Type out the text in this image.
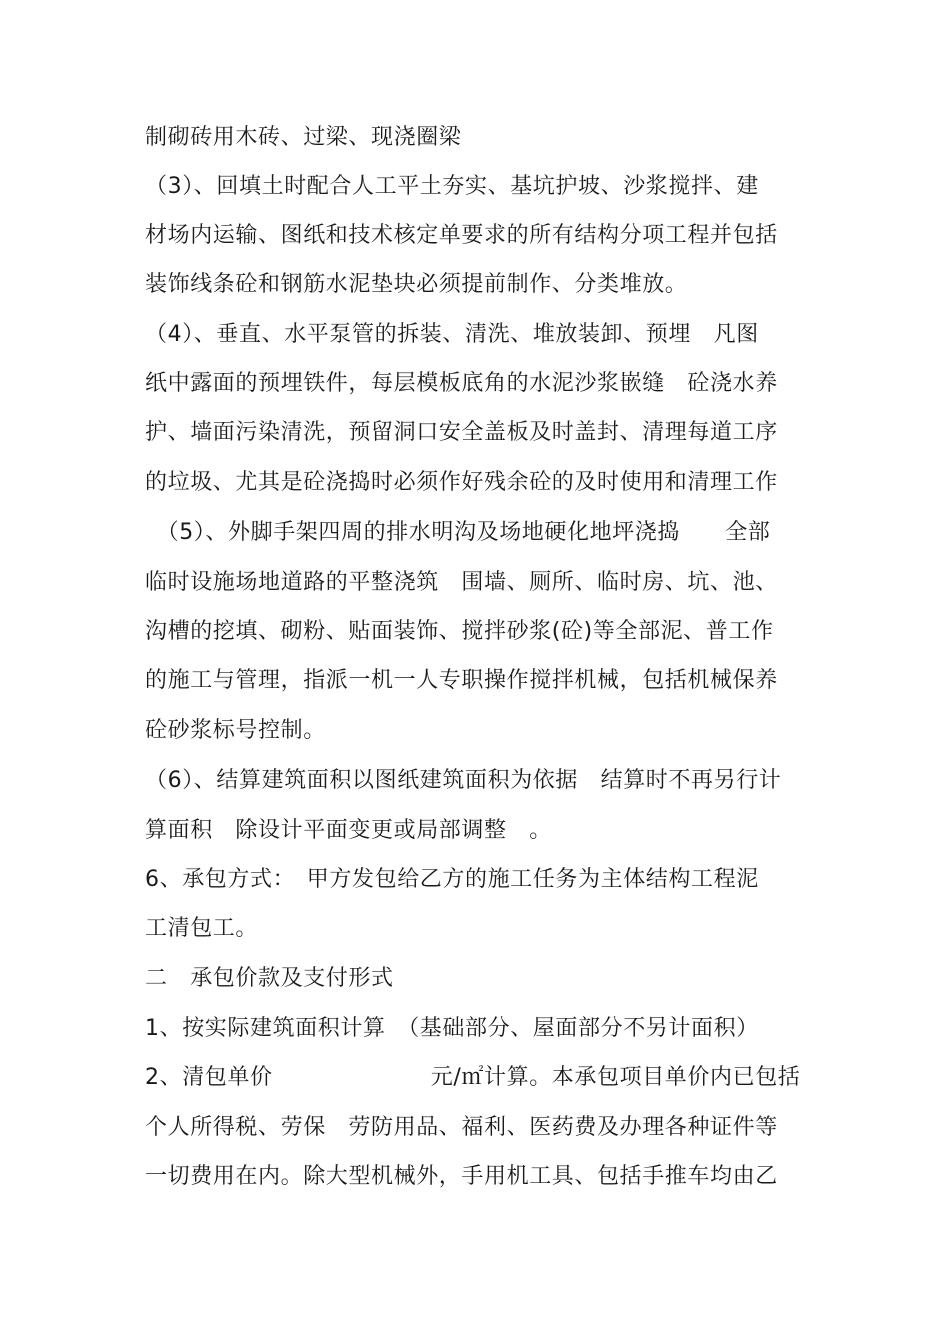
制砌砖用木砖、过梁、现浇圈梁
（3）、回填土时配合人工平土夯实、基坑护坡、沙浆搅拌、建
材场内运输、图纸和技术核定单要求的所有结构分项工程并包括
装饰线条砼和钢筋水泥垫块必须提前制作、分类堆放。
（4）、垂直、水平泵管的拆装、清洗、堆放装卸、预埋　凡图
纸中露面的预埋铁件，每层模板底角的水泥沙浆嵌缝　砼浇水养
护、墙面污染清洗，预留洞口安全盖板及时盖封、清理每道工序
的垃圾、尤其是砼浇捣时必须作好残余砼的及时使用和清理工作
　（5）、外脚手架四周的排水明沟及场地硬化地坪浇捣　　全部
临时设施场地道路的平整浇筑　围墙、厕所、临时房、坑、池、
沟槽的挖填、砌粉、贴面装饰、搅拌砂浆(砼)等全部泥、普工作
的施工与管理，指派一机一人专职操作搅拌机械，包括机械保养
砼砂浆标号控制。
（6）、结算建筑面积以图纸建筑面积为依据　结算时不再另行计
算面积　除设计平面变更或局部调整　。
6、承包方式：　甲方发包给乙方的施工任务为主体结构工程泥
工清包工。
二　承包价款及支付形式
1、按实际建筑面积计算　（基础部分、屋面部分不另计面积）
2、清包单价　　　　　　　元/㎡计算。本承包项目单价内已包括
个人所得税、劳保　劳防用品、福利、医药费及办理各种证件等
一切费用在内。除大型机械外，手用机工具、包括手推车均由乙
